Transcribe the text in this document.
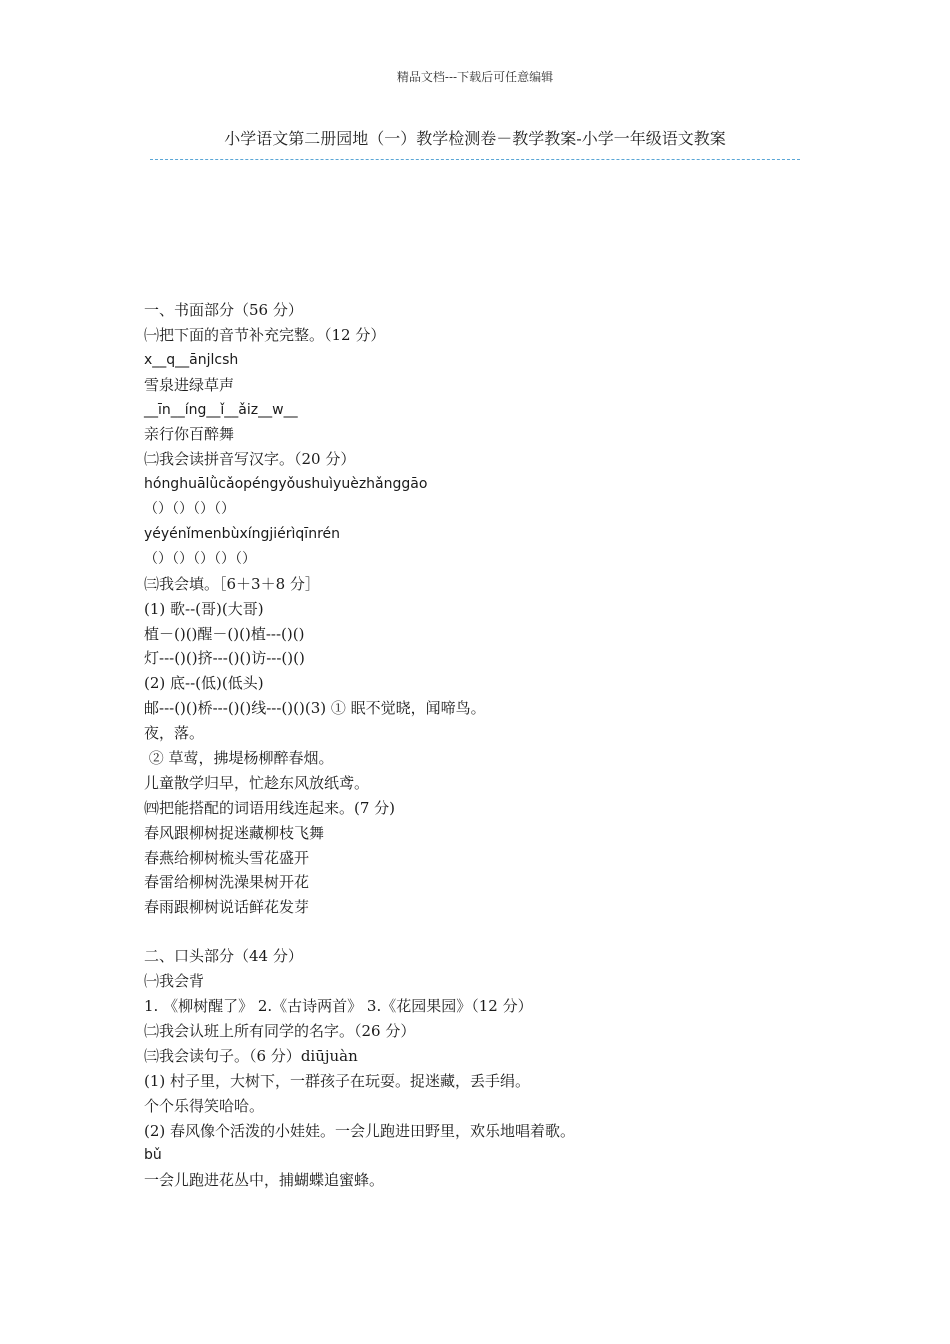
精品文档---下载后可任意编辑
小学语文第二册园地（一）教学检测卷－教学教案-小学一年级语文教案
一、书面部分（56 分）
㈠把下面的音节补充完整。（12 分）
x__q__ānjlcsh
雪泉进绿草声
__īn__íng__ǐ__ǎiz__w__
亲行你百醉舞
㈡我会读拼音写汉字。（20 分）
hónghuālǜcǎopéngyǒushuìyuèzhǎnggāo
（）（）（）（）
yéyénǐmenbùxíngjiérìqīnrén
（）（）（）（）（）
㈢我会填。［6＋3＋8 分］
(1) 歌--(哥)(大哥)
植－()()醒－()()植---()()
灯---()()挤---()()访---()()
(2) 底--(低)(低头)
邮---()()桥---()()线---()()(3) ① 眠不觉晓，闻啼鸟。
夜，落。
② 草莺，拂堤杨柳醉春烟。
儿童散学归早，忙趁东风放纸鸢。
㈣把能搭配的词语用线连起来。(7 分)
春风跟柳树捉迷藏柳枝飞舞
春燕给柳树梳头雪花盛开
春雷给柳树洗澡果树开花
春雨跟柳树说话鲜花发芽
二、口头部分（44 分）
㈠我会背
1. 《柳树醒了》 2.《古诗两首》 3.《花园果园》（12 分）
㈡我会认班上所有同学的名字。（26 分）
㈢我会读句子。（6 分）diūjuàn
(1) 村子里，大树下，一群孩子在玩耍。捉迷藏，丢手绢。
个个乐得笑哈哈。
(2) 春风像个活泼的小娃娃。一会儿跑进田野里，欢乐地唱着歌。
bǔ
一会儿跑进花丛中，捕蝴蝶追蜜蜂。
